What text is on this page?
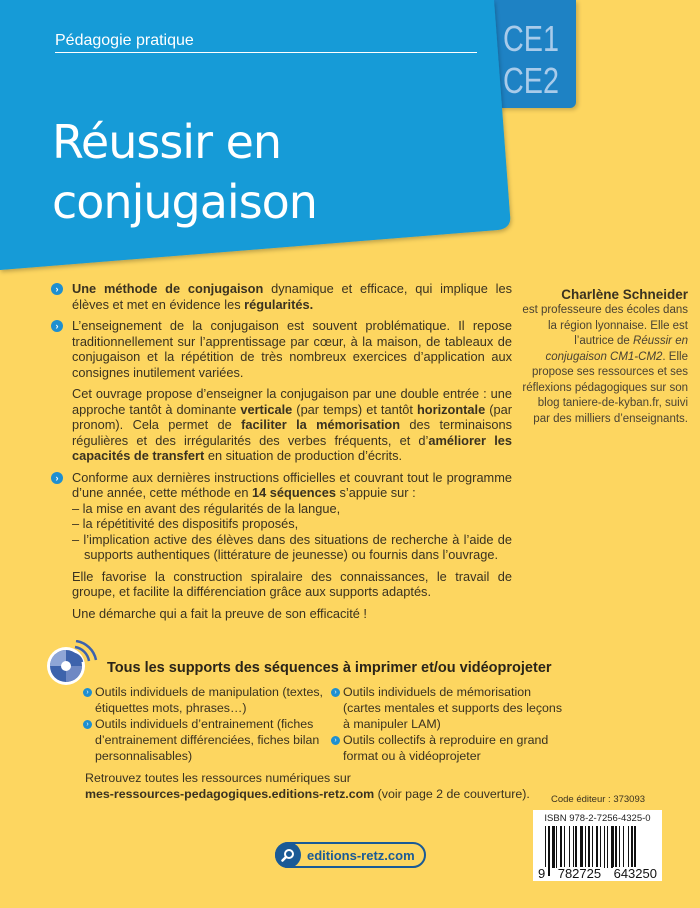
CE1
CE2
Pédagogie pratique
Réussir en
conjugaison

›	Une méthode de conjugaison dynamique et efficace, qui implique les élèves et met en évidence les régularités.

›	L’enseignement de la conjugaison est souvent problématique. Il repose traditionnellement sur l’apprentissage par cœur, à la maison, de tableaux de conjugaison et la répétition de très nombreux exercices d’application aux consignes inutilement variées.

Cet ouvrage propose d’enseigner la conjugaison par une double entrée : une approche tantôt à dominante verticale (par temps) et tantôt horizontale (par pronom). Cela permet de faciliter la mémorisation des terminaisons régulières et des irrégularités des verbes fréquents, et d’améliorer les capacités de transfert en situation de production d’écrits.

›	Conforme aux dernières instructions officielles et couvrant tout le programme d’une année, cette méthode en 14 séquences s’appuie sur :
– la mise en avant des régularités de la langue,
– la répétitivité des dispositifs proposés,
– l’implication active des élèves dans des situations de recherche à l’aide de supports authentiques (littérature de jeunesse) ou fournis dans l’ouvrage.

Elle favorise la construction spiralaire des connaissances, le travail de groupe, et facilite la différenciation grâce aux supports adaptés.

Une démarche qui a fait la preuve de son efficacité !

Charlène Schneider
est professeure des écoles dans la région lyonnaise. Elle est l’autrice de Réussir en conjugaison CM1-CM2. Elle propose ses ressources et ses réflexions pédagogiques sur son blog taniere-de-kyban.fr, suivi par des milliers d’enseignants.
Tous les supports des séquences à imprimer et/ou vidéoprojeter
› Outils individuels de manipulation (textes, étiquettes mots, phrases…)
› Outils individuels d’entrainement (fiches d’entrainement différenciées, fiches bilan personnalisables)
› Outils individuels de mémorisation (cartes mentales et supports des leçons à manipuler LAM)
› Outils collectifs à reproduire en grand format ou à vidéoprojeter
Retrouvez toutes les ressources numériques sur
mes-ressources-pedagogiques.editions-retz.com (voir page 2 de couverture). Code éditeur : 373093
ISBN 978-2-7256-4325-0
9 782725 643250
editions-retz.com
